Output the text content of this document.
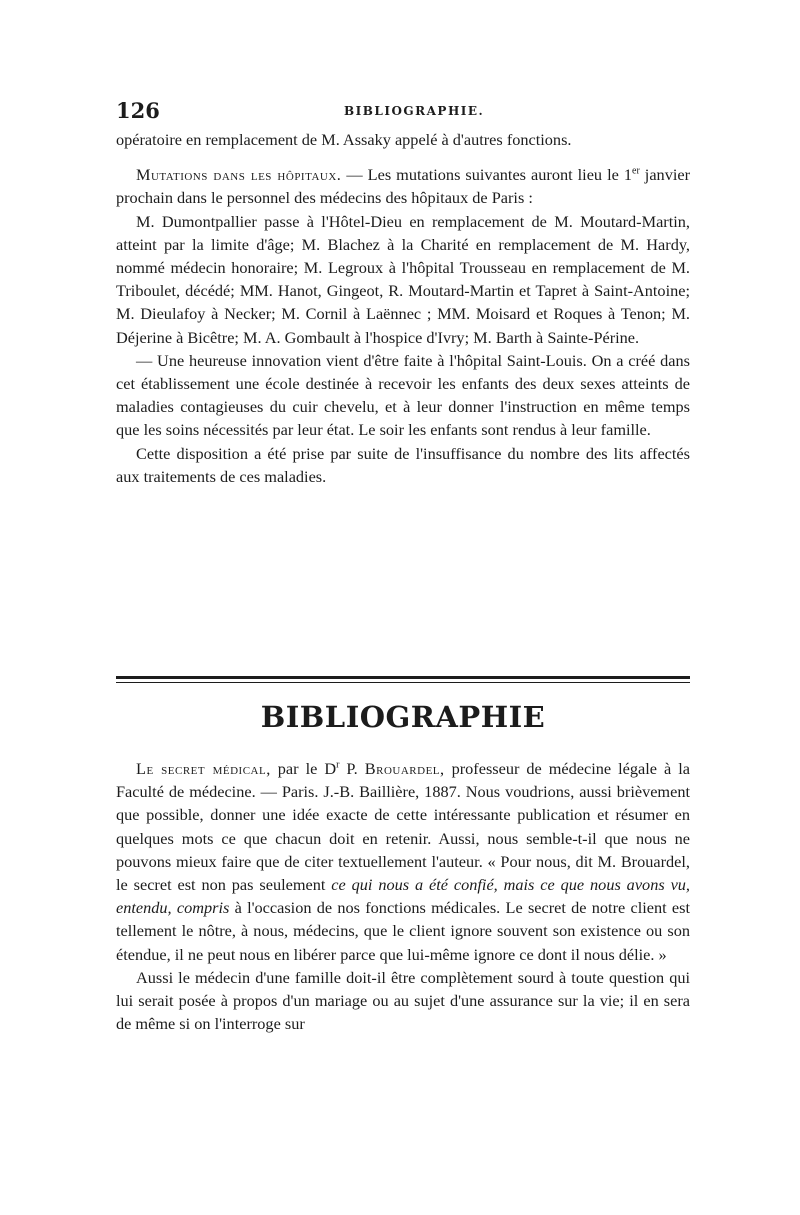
126	BIBLIOGRAPHIE.

opératoire en remplacement de M. Assaky appelé à d'autres fonctions.

Mutations dans les hôpitaux. — Les mutations suivantes auront lieu le 1er janvier prochain dans le personnel des médecins des hôpitaux de Paris :

M. Dumontpallier passe à l'Hôtel-Dieu en remplacement de M. Moutard-Martin, atteint par la limite d'âge; M. Blachez à la Charité en remplacement de M. Hardy, nommé médecin honoraire; M. Legroux à l'hôpital Trousseau en remplacement de M. Triboulet, décédé; MM. Hanot, Gingeot, R. Moutard-Martin et Tapret à Saint-Antoine; M. Dieulafoy à Necker; M. Cornil à Laënnec ; MM. Moisard et Roques à Tenon; M. Déjerine à Bicêtre; M. A. Gombault à l'hospice d'Ivry; M. Barth à Sainte-Périne.

— Une heureuse innovation vient d'être faite à l'hôpital Saint-Louis. On a créé dans cet établissement une école destinée à recevoir les enfants des deux sexes atteints de maladies contagieuses du cuir chevelu, et à leur donner l'instruction en même temps que les soins nécessités par leur état. Le soir les enfants sont rendus à leur famille.

Cette disposition a été prise par suite de l'insuffisance du nombre des lits affectés aux traitements de ces maladies.

BIBLIOGRAPHIE

Le secret médical, par le $D^r$ P. Brouardel, professeur de médecine légale à la Faculté de médecine. — Paris. J.-B. Baillière, 1887. Nous voudrions, aussi brièvement que possible, donner une idée exacte de cette intéressante publication et résumer en quelques mots ce que chacun doit en retenir. Aussi, nous semble-t-il que nous ne pouvons mieux faire que de citer textuellement l'auteur. « Pour nous, dit M. Brouardel, le secret est non pas seulement ce qui nous a été confié, mais ce que nous avons vu, entendu, compris à l'occasion de nos fonctions médicales. Le secret de notre client est tellement le nôtre, à nous, médecins, que le client ignore souvent son existence ou son étendue, il ne peut nous en libérer parce que lui-même ignore ce dont il nous délie. »

Aussi le médecin d'une famille doit-il être complètement sourd à toute question qui lui serait posée à propos d'un mariage ou au sujet d'une assurance sur la vie; il en sera de même si on l'interroge sur
